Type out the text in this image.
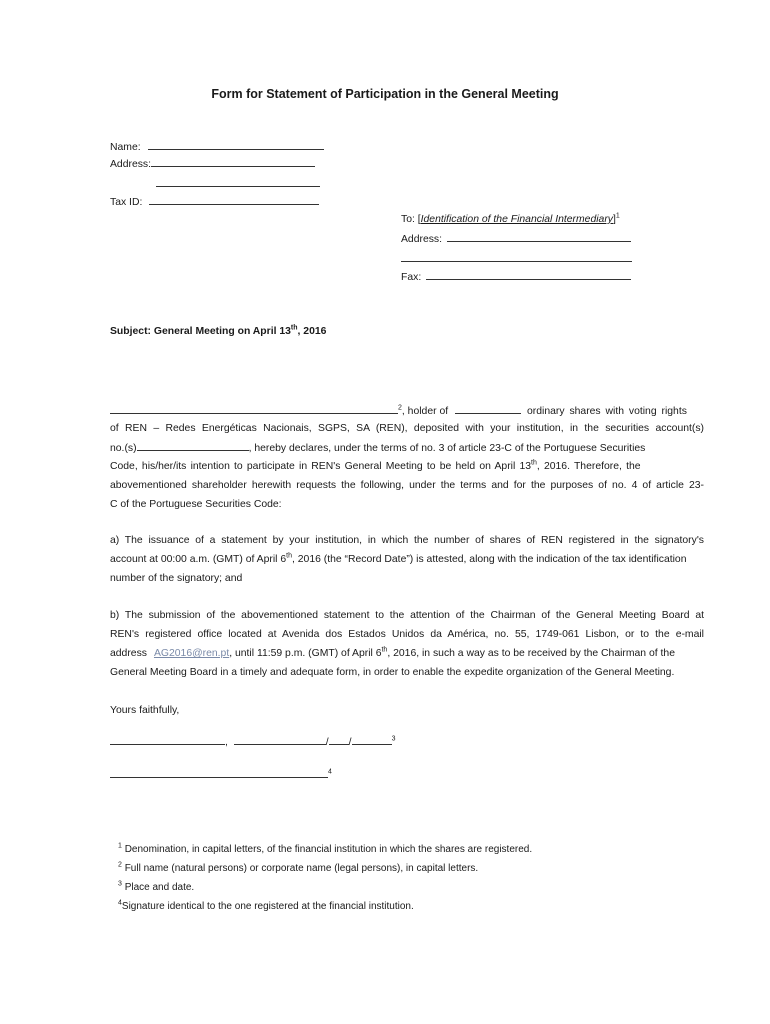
Form for Statement of Participation in the General Meeting
Name:
Address:
Tax ID:
To: [Identification of the Financial Intermediary]$^1$
Address:
Fax:
Subject: General Meeting on April 13th, 2016
$^2$, holder of	ordinary shares with voting rights
of REN – Redes Energéticas Nacionais, SGPS, SA (REN), deposited with your institution, in the securities account(s)
no.(s)	, hereby declares, under the terms of no. 3 of article 23-C of the Portuguese Securities
Code, his/her/its intention to participate in REN's General Meeting to be held on April 13th, 2016. Therefore, the
abovementioned shareholder herewith requests the following, under the terms and for the purposes of no. 4 of article 23-
C of the Portuguese Securities Code:
a) The issuance of a statement by your institution, in which the number of shares of REN registered in the signatory's
account at 00:00 a.m. (GMT) of April 6th, 2016 (the “Record Date”) is attested, along with the indication of the tax identification
number of the signatory; and
b) The submission of the abovementioned statement to the attention of the Chairman of the General Meeting Board at
REN's registered office located at Avenida dos Estados Unidos da América, no. 55, 1749-061 Lisbon, or to the e-mail
address AG2016@ren.pt, until 11:59 p.m. (GMT) of April 6th, 2016, in such a way as to be received by the Chairman of the
General Meeting Board in a timely and adequate form, in order to enable the expedite organization of the General Meeting.
Yours faithfully,
,	/ /	$^3$
$^4$
$^1$ Denomination, in capital letters, of the financial institution in which the shares are registered.
$^2$ Full name (natural persons) or corporate name (legal persons), in capital letters.
$^3$ Place and date.
$^4$Signature identical to the one registered at the financial institution.
